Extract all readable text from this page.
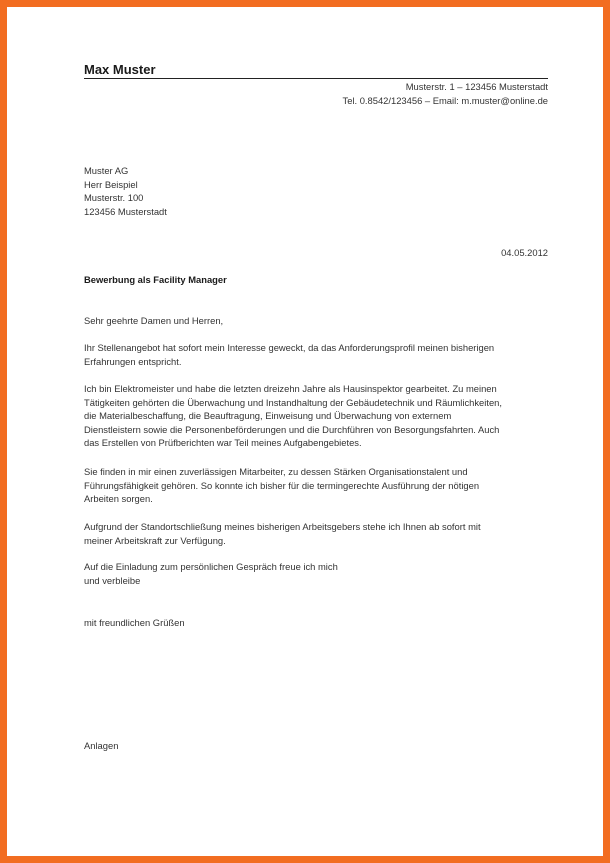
Max Muster
Musterstr. 1 – 123456 Musterstadt
Tel. 0.8542/123456 – Email: m.muster@online.de
Muster AG
Herr Beispiel
Musterstr. 100
123456 Musterstadt
04.05.2012
Bewerbung als Facility Manager
Sehr geehrte Damen und Herren,
Ihr Stellenangebot hat sofort mein Interesse geweckt, da das Anforderungsprofil meinen bisherigen
Erfahrungen entspricht.
Ich bin Elektromeister und habe die letzten dreizehn Jahre als Hausinspektor gearbeitet. Zu meinen
Tätigkeiten gehörten die Überwachung und Instandhaltung der Gebäudetechnik und Räumlichkeiten,
die Materialbeschaffung, die Beauftragung, Einweisung und Überwachung von externem
Dienstleistern sowie die Personenbeförderungen und die Durchführen von Besorgungsfahrten. Auch
das Erstellen von Prüfberichten war Teil meines Aufgabengebietes.
Sie finden in mir einen zuverlässigen Mitarbeiter, zu dessen Stärken Organisationstalent und
Führungsfähigkeit gehören. So konnte ich bisher für die termingerechte Ausführung der nötigen
Arbeiten sorgen.
Aufgrund der Standortschließung meines bisherigen Arbeitsgebers stehe ich Ihnen ab sofort mit
meiner Arbeitskraft zur Verfügung.
Auf die Einladung zum persönlichen Gespräch freue ich mich
und verbleibe
mit freundlichen Grüßen
Anlagen
